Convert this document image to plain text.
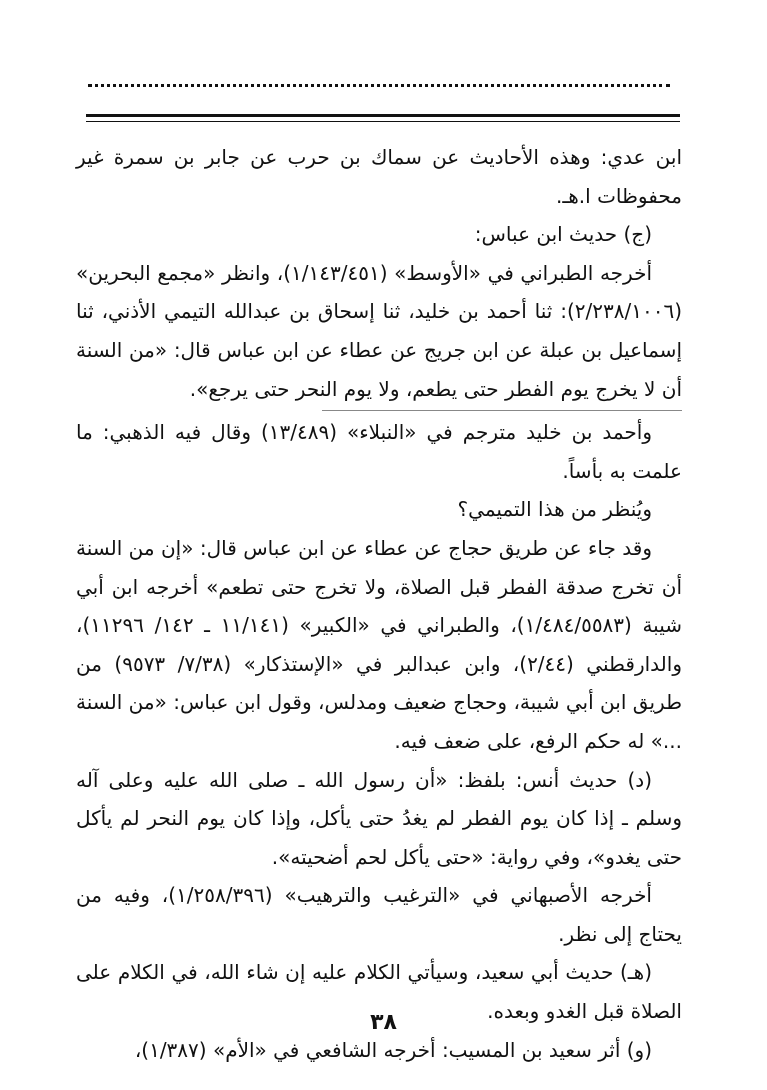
ابن عدي: وهذه الأحاديث عن سماك بن حرب عن جابر بن سمرة غير محفوظات ا.هـ.

(ج) حديث ابن عباس:

أخرجه الطبراني في «الأوسط» (١/١٤٣/٤٥١)، وانظر «مجمع البحرين» (٢/٢٣٨/١٠٠٦): ثنا أحمد بن خليد، ثنا إسحاق بن عبدالله التيمي الأذني، ثنا إسماعيل بن عبلة عن ابن جريج عن عطاء عن ابن عباس قال: «من السنة أن لا يخرج يوم الفطر حتى يطعم، ولا يوم النحر حتى يرجع».

وأحمد بن خليد مترجم في «النبلاء» (١٣/٤٨٩) وقال فيه الذهبي: ما علمت به بأساً.

ويُنظر من هذا التميمي؟

وقد جاء عن طريق حجاج عن عطاء عن ابن عباس قال: «إن من السنة أن تخرج صدقة الفطر قبل الصلاة، ولا تخرج حتى تطعم» أخرجه ابن أبي شيبة (١/٤٨٤/٥٥٨٣)، والطبراني في «الكبير» (١١/١٤١ ـ ١٤٢/ ١١٢٩٦)، والدارقطني (٢/٤٤)، وابن عبدالبر في «الإستذكار» (٧/٣٨/ ٩٥٧٣) من طريق ابن أبي شيبة، وحجاج ضعيف ومدلس، وقول ابن عباس: «من السنة ...» له حكم الرفع، على ضعف فيه.

(د) حديث أنس: بلفظ: «أن رسول الله ـ صلى الله عليه وعلى آله وسلم ـ إذا كان يوم الفطر لم يغدُ حتى يأكل، وإذا كان يوم النحر لم يأكل حتى يغدو»، وفي رواية: «حتى يأكل لحم أضحيته».

أخرجه الأصبهاني في «الترغيب والترهيب» (١/٢٥٨/٣٩٦)، وفيه من يحتاج إلى نظر.

(هـ) حديث أبي سعيد، وسيأتي الكلام عليه إن شاء الله، في الكلام على الصلاة قبل الغدو وبعده.

(و) أثر سعيد بن المسيب: أخرجه الشافعي في «الأم» (١/٣٨٧)،

٣٨
